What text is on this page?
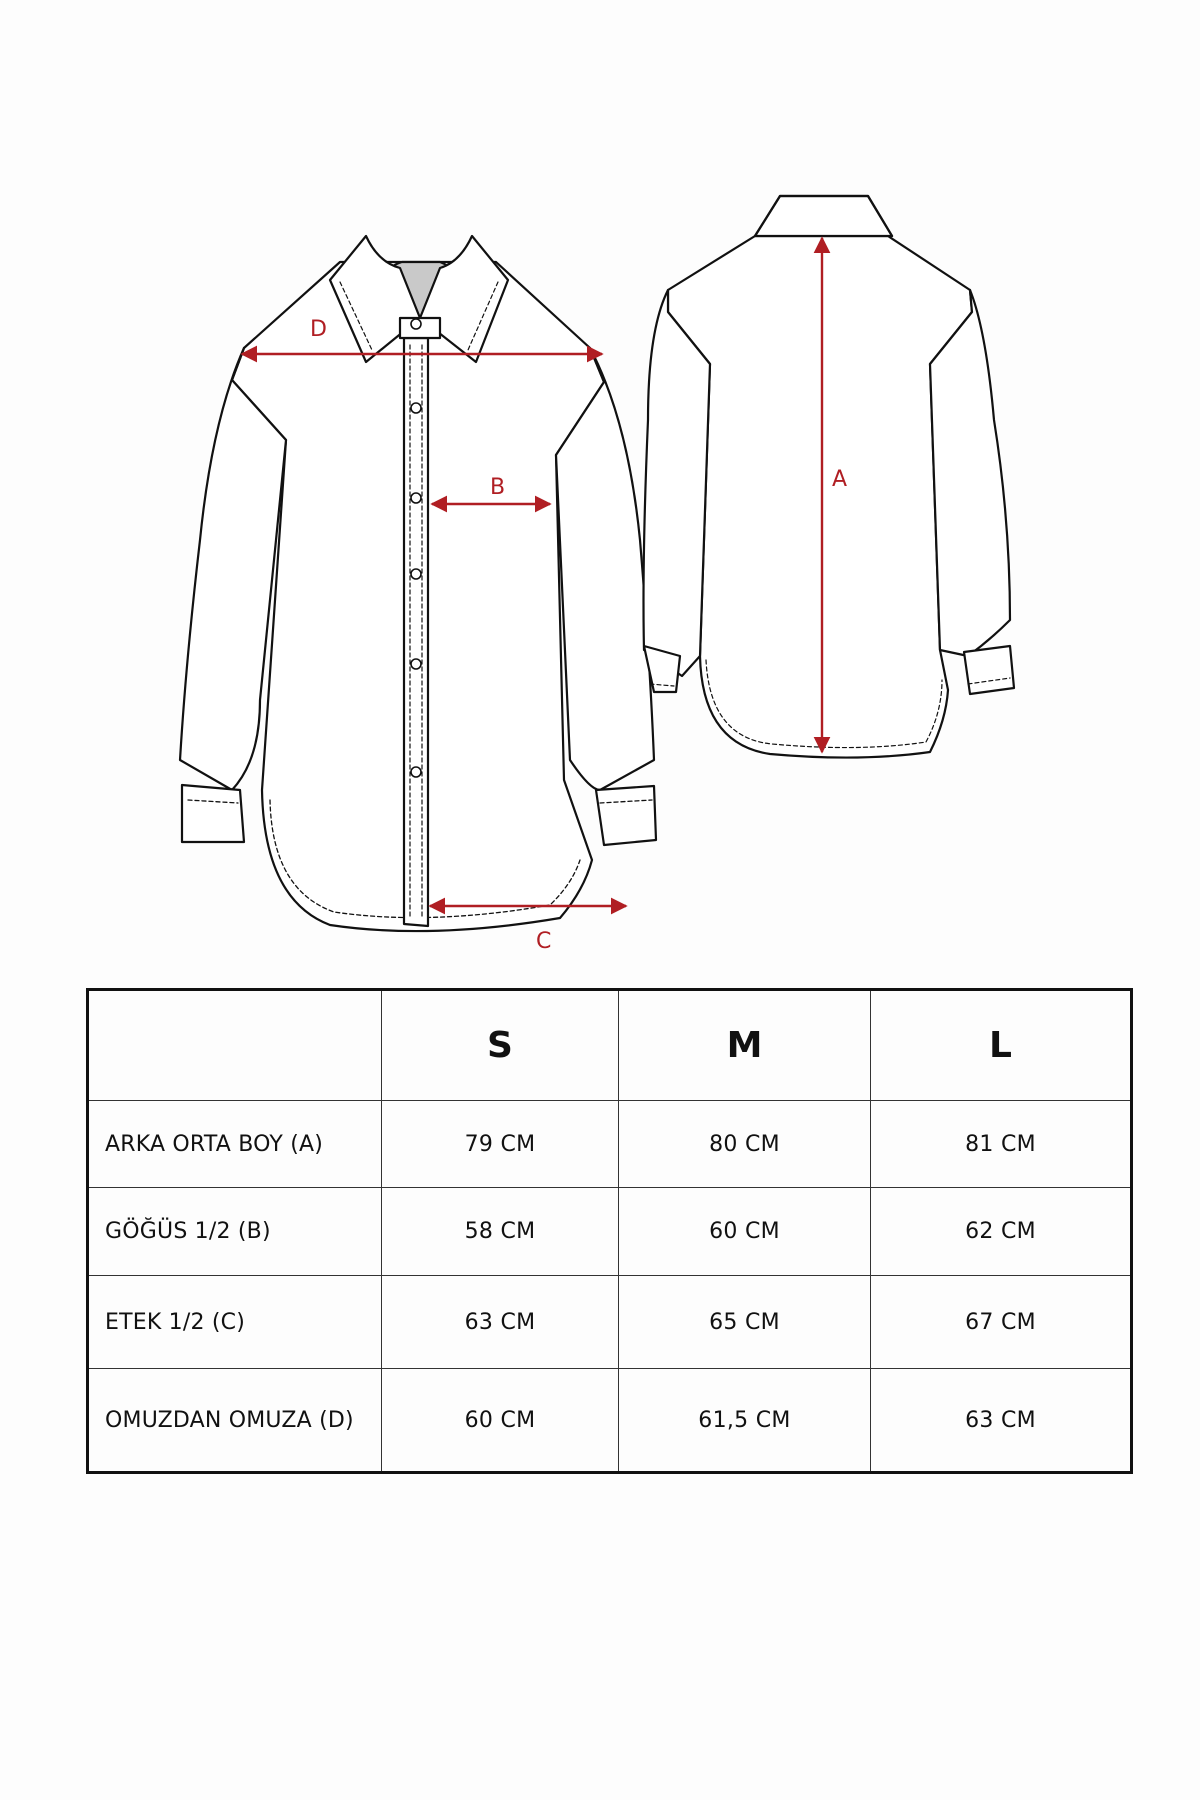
D
B
C
A
	S	M	L
ARKA ORTA BOY (A)	79 CM	80 CM	81 CM
GÖĞÜS 1/2 (B)	58 CM	60 CM	62 CM
ETEK 1/2 (C)	63 CM	65 CM	67 CM
OMUZDAN OMUZA (D)	60 CM	61,5 CM	63 CM
